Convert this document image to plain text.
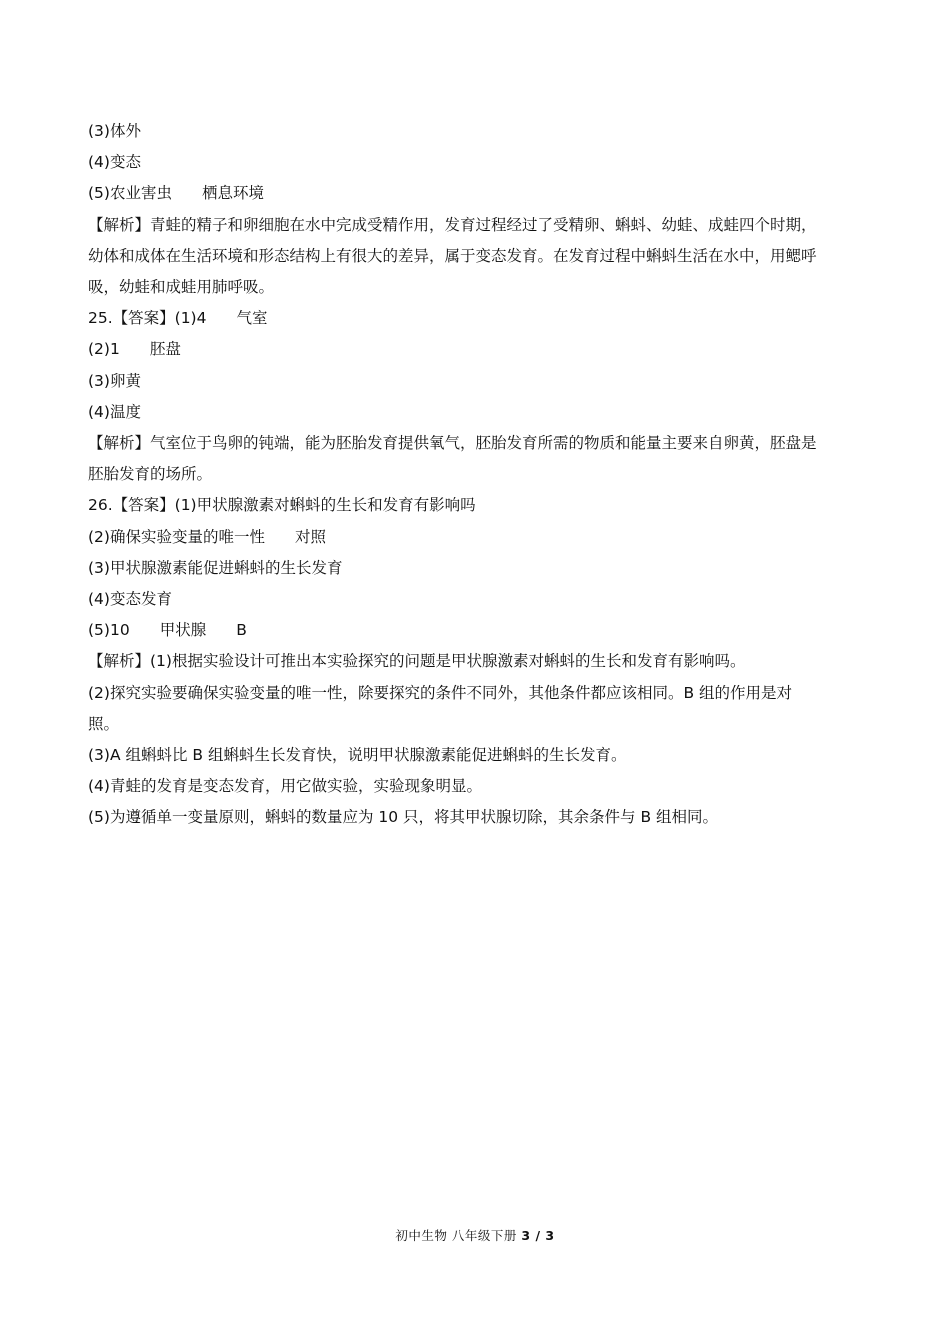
(3)体外
(4)变态
(5)农业害虫 栖息环境
【解析】青蛙的精子和卵细胞在水中完成受精作用，发育过程经过了受精卵、蝌蚪、幼蛙、成蛙四个时期，
幼体和成体在生活环境和形态结构上有很大的差异，属于变态发育。在发育过程中蝌蚪生活在水中，用鳃呼
吸，幼蛙和成蛙用肺呼吸。
25.【答案】(1)4 气室
(2)1 胚盘
(3)卵黄
(4)温度
【解析】气室位于鸟卵的钝端，能为胚胎发育提供氧气，胚胎发育所需的物质和能量主要来自卵黄，胚盘是
胚胎发育的场所。
26.【答案】(1)甲状腺激素对蝌蚪的生长和发育有影响吗
(2)确保实验变量的唯一性 对照
(3)甲状腺激素能促进蝌蚪的生长发育
(4)变态发育
(5)10 甲状腺 B
【解析】(1)根据实验设计可推出本实验探究的问题是甲状腺激素对蝌蚪的生长和发育有影响吗。
(2)探究实验要确保实验变量的唯一性，除要探究的条件不同外，其他条件都应该相同。B 组的作用是对
照。
(3)A 组蝌蚪比 B 组蝌蚪生长发育快，说明甲状腺激素能促进蝌蚪的生长发育。
(4)青蛙的发育是变态发育，用它做实验，实验现象明显。
(5)为遵循单一变量原则，蝌蚪的数量应为 10 只，将其甲状腺切除，其余条件与 B 组相同。
初中生物 八年级下册 3 / 3
